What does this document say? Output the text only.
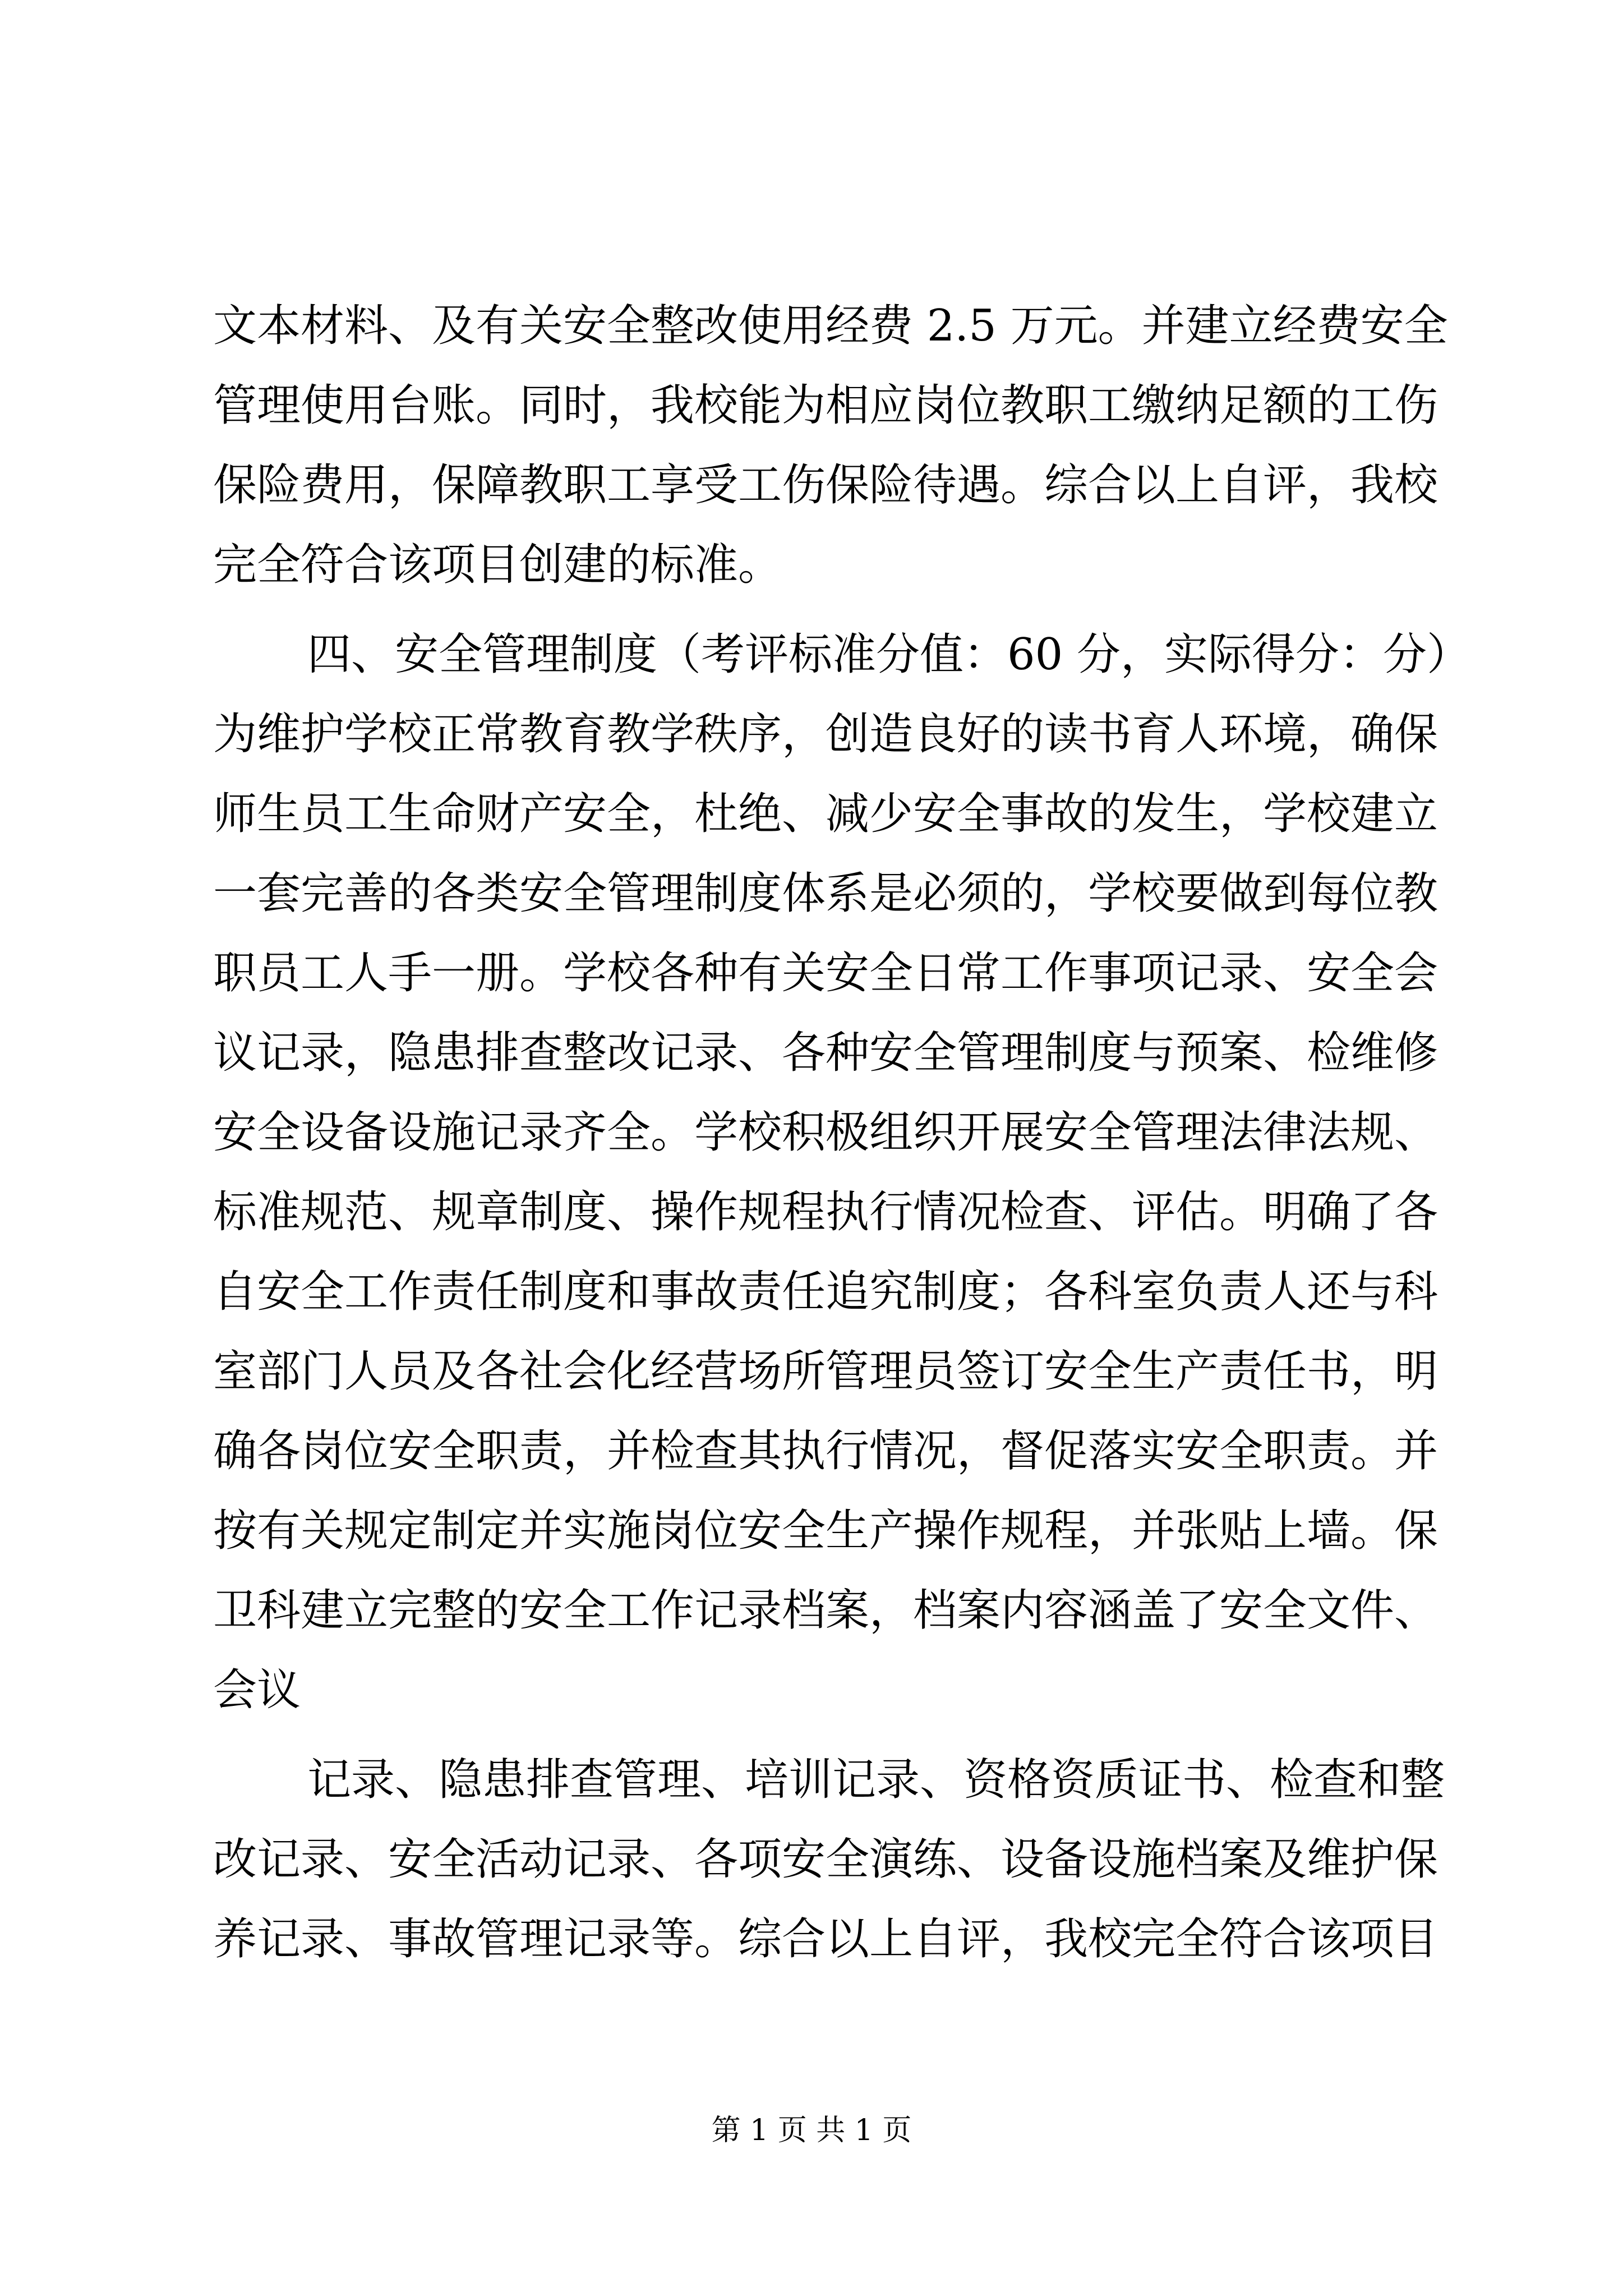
文本材料、及有关安全整改使用经费 2.5 万元。并建立经费安全
管理使用台账。同时，我校能为相应岗位教职工缴纳足额的工伤
保险费用，保障教职工享受工伤保险待遇。综合以上自评，我校
完全符合该项目创建的标准。
四、安全管理制度（考评标准分值：60 分，实际得分：分）
为维护学校正常教育教学秩序，创造良好的读书育人环境，确保
师生员工生命财产安全，杜绝、减少安全事故的发生，学校建立
一套完善的各类安全管理制度体系是必须的，学校要做到每位教
职员工人手一册。学校各种有关安全日常工作事项记录、安全会
议记录，隐患排查整改记录、各种安全管理制度与预案、检维修
安全设备设施记录齐全。学校积极组织开展安全管理法律法规、
标准规范、规章制度、操作规程执行情况检查、评估。明确了各
自安全工作责任制度和事故责任追究制度；各科室负责人还与科
室部门人员及各社会化经营场所管理员签订安全生产责任书，明
确各岗位安全职责，并检查其执行情况，督促落实安全职责。并
按有关规定制定并实施岗位安全生产操作规程，并张贴上墙。保
卫科建立完整的安全工作记录档案，档案内容涵盖了安全文件、
会议
记录、隐患排查管理、培训记录、资格资质证书、检查和整
改记录、安全活动记录、各项安全演练、设备设施档案及维护保
养记录、事故管理记录等。综合以上自评，我校完全符合该项目
第 1 页 共 1 页
